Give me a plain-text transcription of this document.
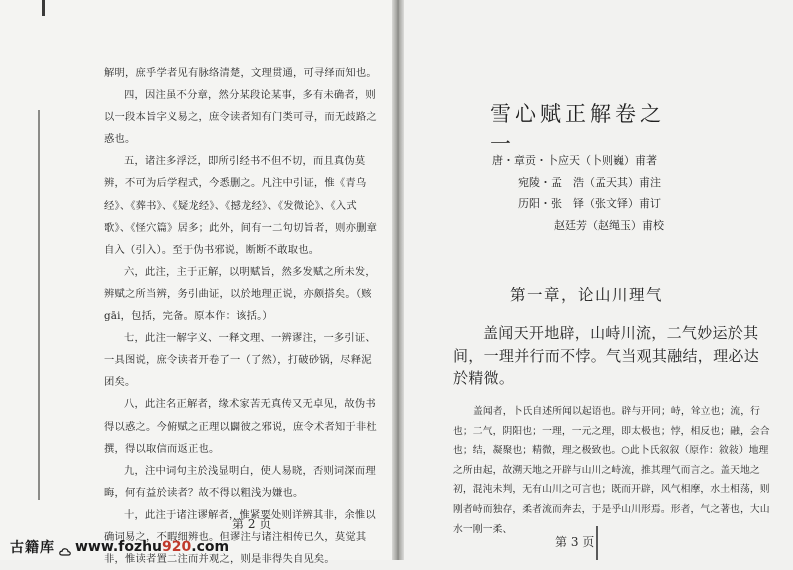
解明，庶乎学者见有脉络清楚，文理贯通，可寻绎而知也。

四，因注虽不分章，然分某段论某事，多有未确者，则以一段本旨字义易之，庶令读者知有门类可寻，而无歧路之惑也。

五，诸注多浮泛，即所引经书不但不切，而且真伪莫辨，不可为后学程式，今悉删之。凡注中引证，惟《青乌经》、《葬书》、《疑龙经》、《撼龙经》、《发微论》、《入式歌》、《怪穴篇》居多；此外，间有一二句切旨者，则亦删章自入（引入）。至于伪书邪说，断断不敢取也。

六，此注，主于正解，以明赋旨，然多发赋之所未发，辨赋之所当辨，务引曲证，以於地理正说，亦颇搭矣。（赅gāi，包括，完备。原本作：该括。）

七，此注一解字义、一释文理、一辨谬注，一多引证、一具图说，庶令读者开卷了一（了然），打破砂锅，尽释泥团矣。

八，此注名正解者，缘术家苦无真传又无卓见，故伪书得以惑之。今俯赋之正理以闢彼之邪说，庶令术者知于非杜撰，得以取信而返正也。

九，注中词句主於浅显明白，使人易晓，否则词深而理晦，何有益於读者？故不得以粗浅为嫌也。

十，此注于诸注谬解者，惟紧要处则详辨其非，余惟以确词易之，不暇细辨也。但谬注与诸注相传已久，莫觉其非，惟读者置二注而并观之，则是非得失自见矣。

第 2 页
雪心赋正解卷之一
唐・章贡・卜应天（卜则巍）甫著
宛陵・孟　浩（孟天其）甫注
历阳・张　铎（张文铎）甫订
赵廷芳（赵绳玉）甫校
第一章，论山川理气

盖闻天开地辟，山峙川流，二气妙运於其间，一理并行而不悖。气当观其融结，理必达於精微。

盖闻者，卜氏自述所闻以起语也。辟与开同；峙，耸立也；流，行也；二气，阴阳也；一理，一元之理，即太极也；悖，相反也；融，会合也；结，凝聚也；精微，理之极致也。○此卜氏叙叙（原作：敘敍）地理之所由起，故溯天地之开辟与山川之峙流，推其理气而言之。盖天地之初，混沌未判，无有山川之可言也；既而开辟，风气相摩，水土相荡，则刚者峙而独存，柔者流而奔去，于是乎山川形焉。形者，气之著也，大山水一刚一柔、

第 3 页
古籍库 www.fozhu920.com
